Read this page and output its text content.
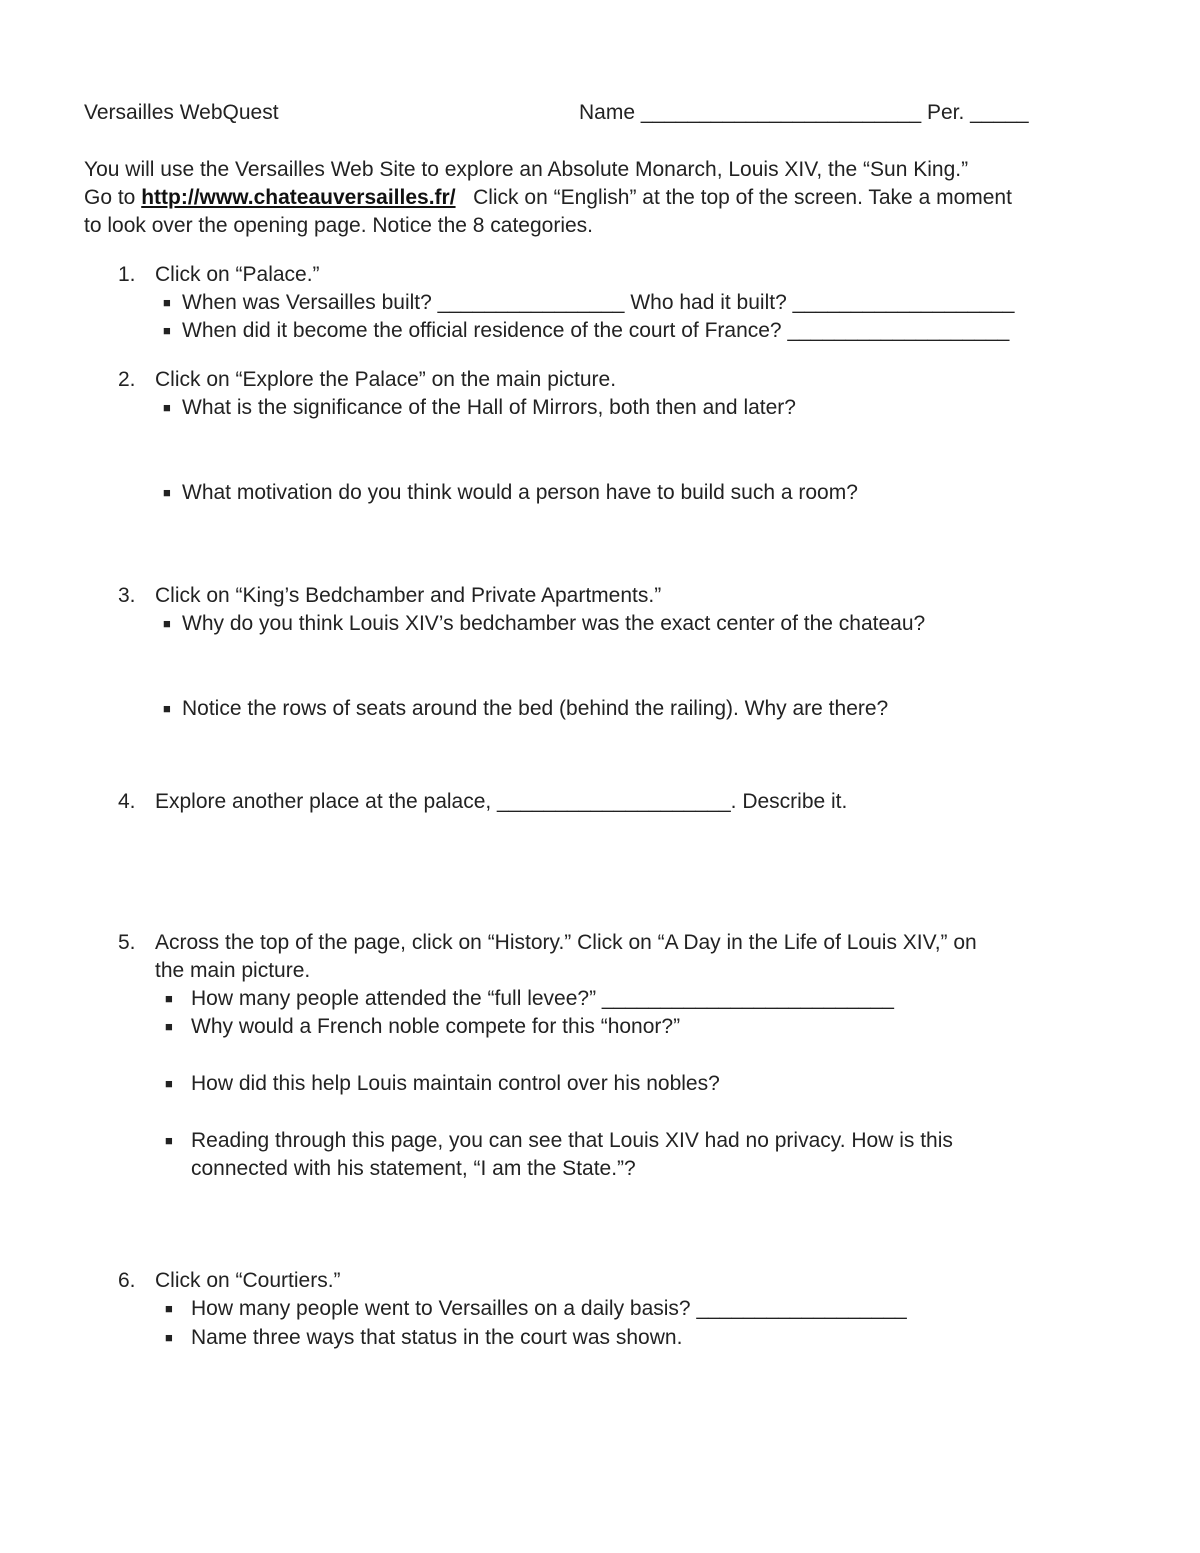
Versailles WebQuest	Name ________________________ Per. _____
You will use the Versailles Web Site to explore an Absolute Monarch, Louis XIV, the “Sun King.”
Go to http://www.chateauversailles.fr/ Click on “English” at the top of the screen. Take a moment
to look over the opening page. Notice the 8 categories.
1. Click on “Palace.”
■ When was Versailles built? ________________ Who had it built? ___________________
■ When did it become the official residence of the court of France? ___________________
2. Click on “Explore the Palace” on the main picture.
■ What is the significance of the Hall of Mirrors, both then and later?
■ What motivation do you think would a person have to build such a room?
3. Click on “King’s Bedchamber and Private Apartments.”
■ Why do you think Louis XIV’s bedchamber was the exact center of the chateau?
■ Notice the rows of seats around the bed (behind the railing). Why are there?
4. Explore another place at the palace, ____________________. Describe it.
5. Across the top of the page, click on “History.” Click on “A Day in the Life of Louis XIV,” on
the main picture.
■ How many people attended the “full levee?” _________________________
■ Why would a French noble compete for this “honor?”
■ How did this help Louis maintain control over his nobles?
■ Reading through this page, you can see that Louis XIV had no privacy. How is this
connected with his statement, “I am the State.”?
6. Click on “Courtiers.”
■ How many people went to Versailles on a daily basis? __________________
■ Name three ways that status in the court was shown.
